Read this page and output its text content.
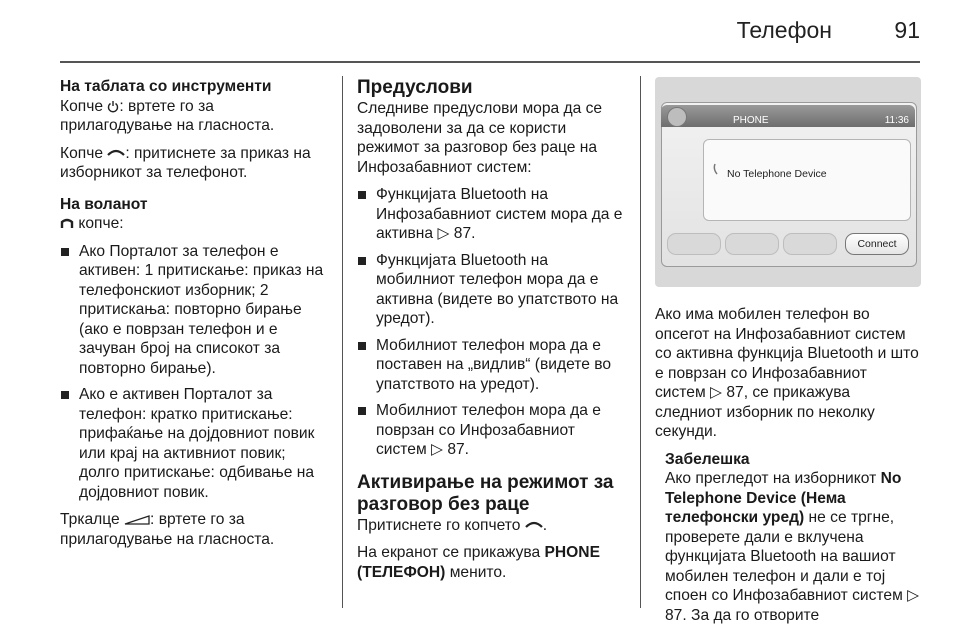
Телефон	91
На таблата со инструменти

Копче : вртете го за прилагодување на гласноста.

Копче : притиснете за приказ на изборникот за телефонот.

На воланот

копче:

Ако Порталот за телефон е активен: 1 притискање: приказ на телефонскиот изборник; 2 притискања: повторно бирање (ако е поврзан телефон и е зачуван број на списокот за повторно бирање).
Ако е активен Порталот за телефон: кратко притискање: прифаќање на дојдовниот повик или крај на активниот повик; долго притискање: одбивање на дојдовниот повик.

Тркалце : вртете го за прилагодување на гласноста.

Предуслови

Следниве предуслови мора да се задоволени за да се користи режимот за разговор без раце на Инфозабавниот систем:

Функцијата Bluetooth на Инфозабавниот систем мора да е активна ▷ 87.
Функцијата Bluetooth на мобилниот телефон мора да е активна (видете во упатството на уредот).
Мобилниот телефон мора да е поставен на „видлив“ (видете во упатството на уредот).
Мобилниот телефон мора да е поврзан со Инфозабавниот систем ▷ 87.
Активирање на режимот за разговор без раце

Притиснете го копчето .

На екранот се прикажува PHONE (ТЕЛЕФОН) менито.

PHONE	11:36
No Telephone Device
Connect

Ако има мобилен телефон во опсегот на Инфозабавниот систем со активна функција Bluetooth и што е поврзан со Инфозабавниот систем ▷ 87, се прикажува следниот изборник по неколку секунди.

Забелешка

Ако прегледот на изборникот No Telephone Device (Нема телефонски уред) не се тргне, проверете дали е вклучена функцијата Bluetooth на вашиот мобилен телефон и дали е тој споен со Инфозабавниот систем ▷ 87. За да го отворите
